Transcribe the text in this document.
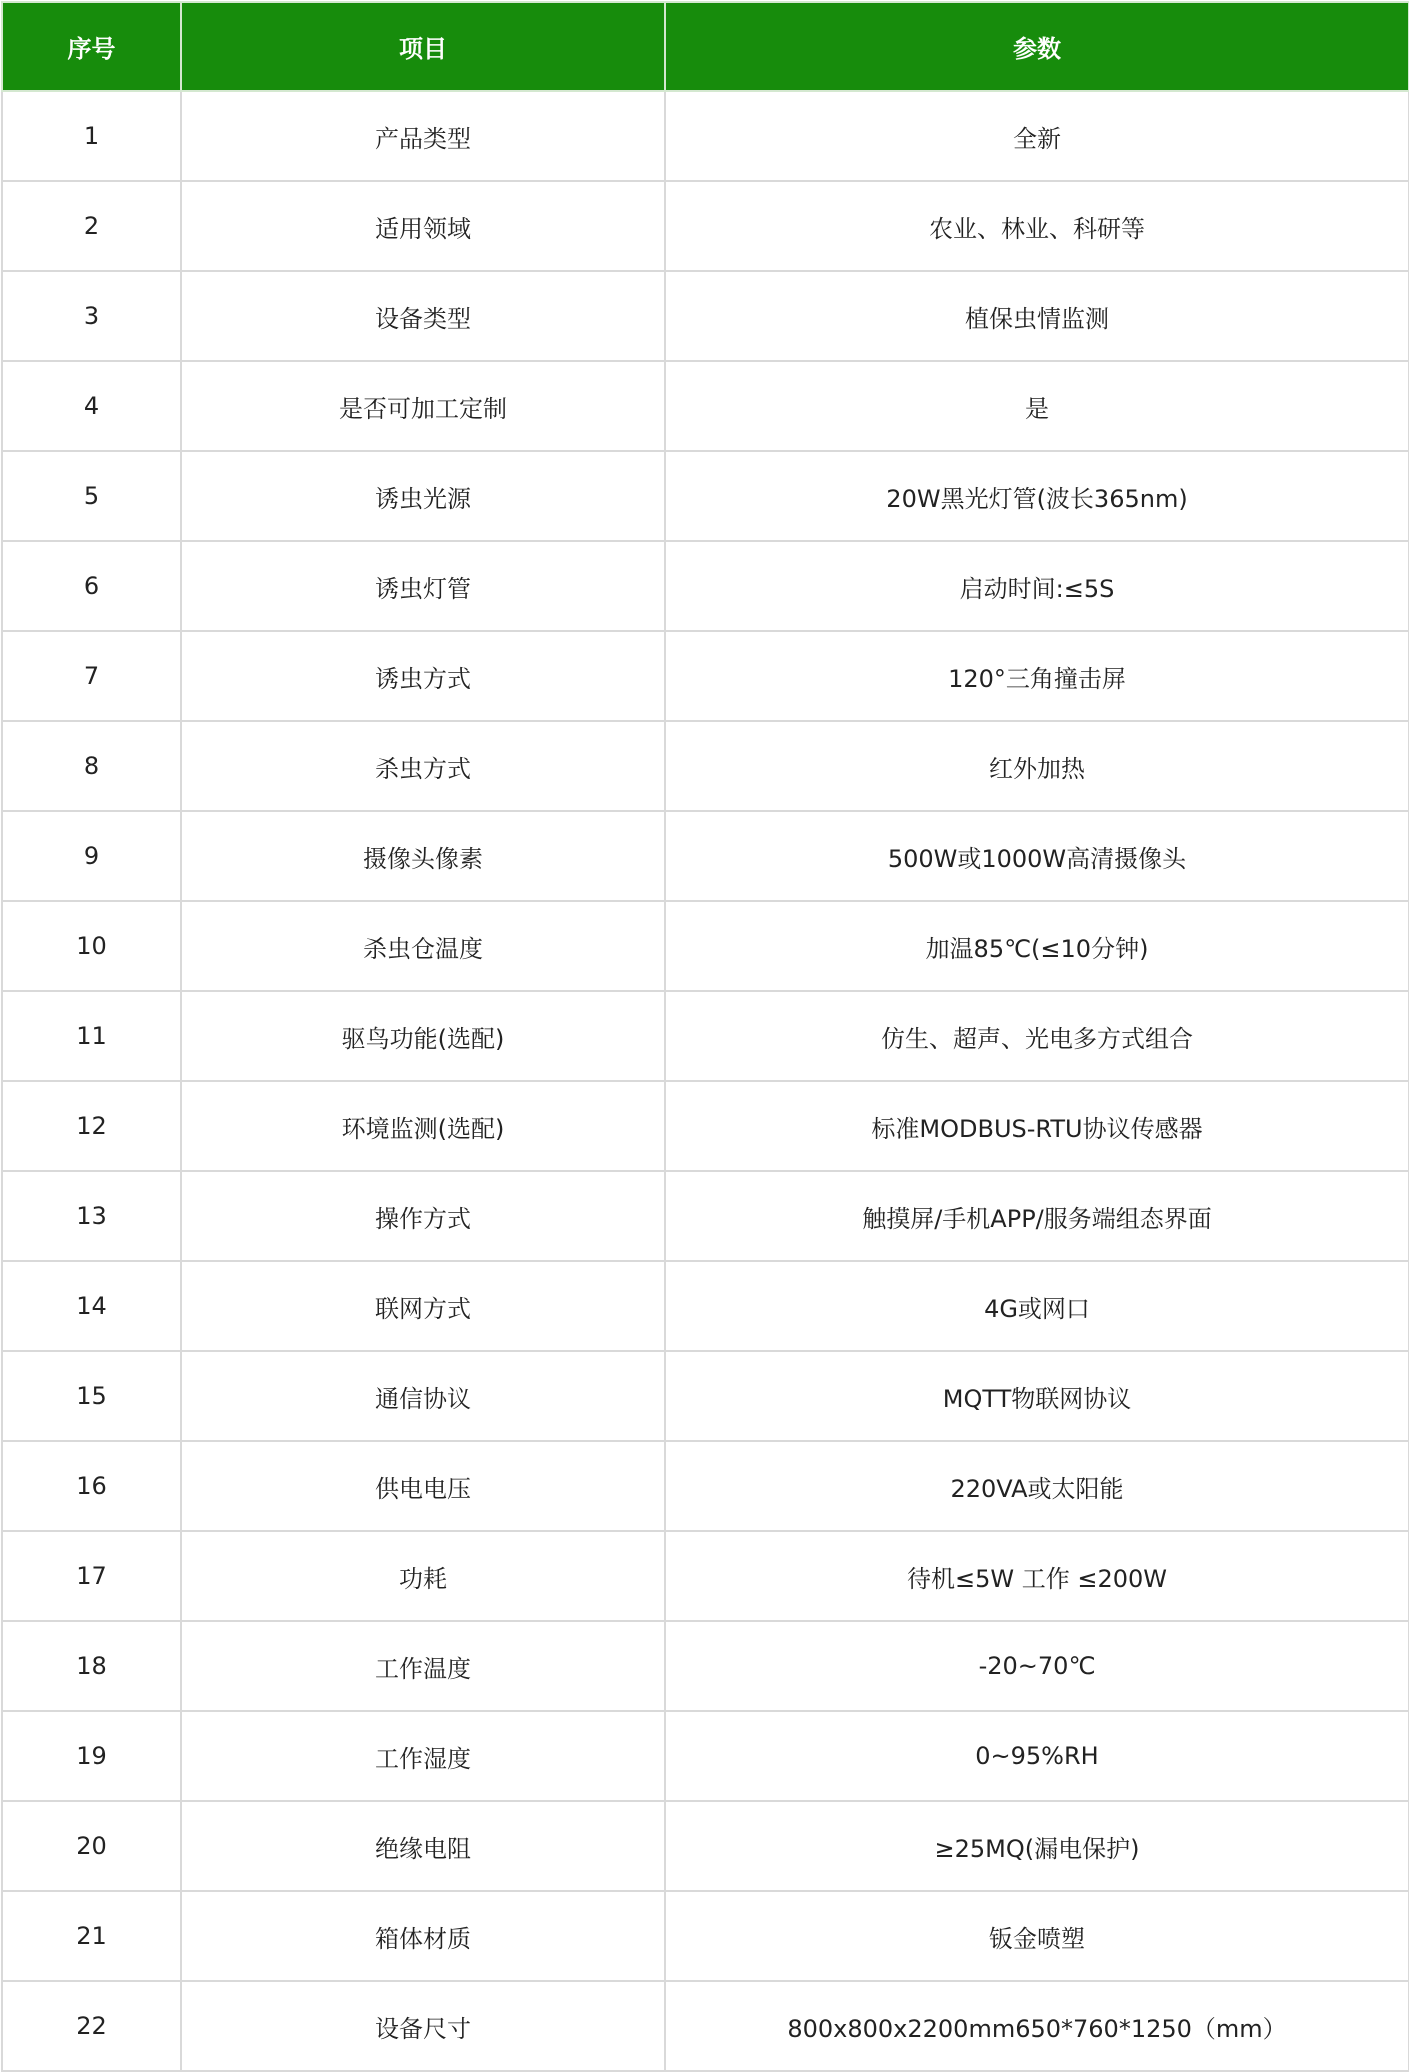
序号	项目	参数
1	产品类型	全新
2	适用领域	农业、林业、科研等
3	设备类型	植保虫情监测
4	是否可加工定制	是
5	诱虫光源	20W黑光灯管(波长365nm)
6	诱虫灯管	启动时间:≤5S
7	诱虫方式	120°三角撞击屏
8	杀虫方式	红外加热
9	摄像头像素	500W或1000W高清摄像头
10	杀虫仓温度	加温85℃(≤10分钟)
11	驱鸟功能(选配)	仿生、超声、光电多方式组合
12	环境监测(选配)	标准MODBUS-RTU协议传感器
13	操作方式	触摸屏/手机APP/服务端组态界面
14	联网方式	4G或网口
15	通信协议	MQTT物联网协议
16	供电电压	220VA或太阳能
17	功耗	待机≤5W 工作 ≤200W
18	工作温度	-20~70℃
19	工作湿度	0~95%RH
20	绝缘电阻	≥25MQ(漏电保护)
21	箱体材质	钣金喷塑
22	设备尺寸	800x800x2200mm650*760*1250（mm）
